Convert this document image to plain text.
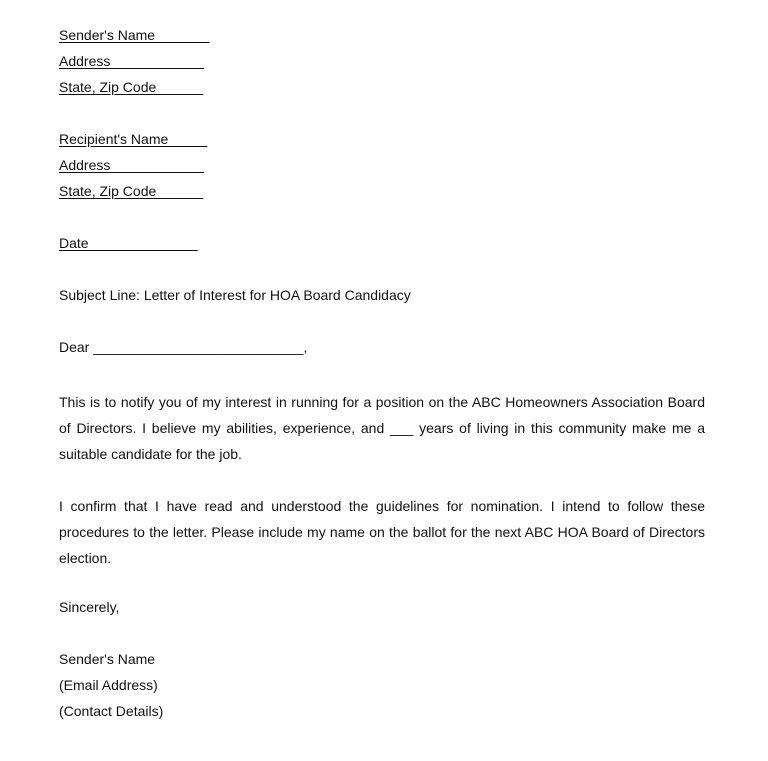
Sender's Name_______
Address____________
State, Zip Code______
Recipient's Name_____
Address____________
State, Zip Code______
Date______________
Subject Line: Letter of Interest for HOA Board Candidacy
Dear ___________________________,

This is to notify you of my interest in running for a position on the ABC Homeowners Association Board of Directors. I believe my abilities, experience, and ___ years of living in this community make me a suitable candidate for the job.

I confirm that I have read and understood the guidelines for nomination. I intend to follow these procedures to the letter. Please include my name on the ballot for the next ABC HOA Board of Directors election.

Sincerely,
Sender's Name
(Email Address)
(Contact Details)
